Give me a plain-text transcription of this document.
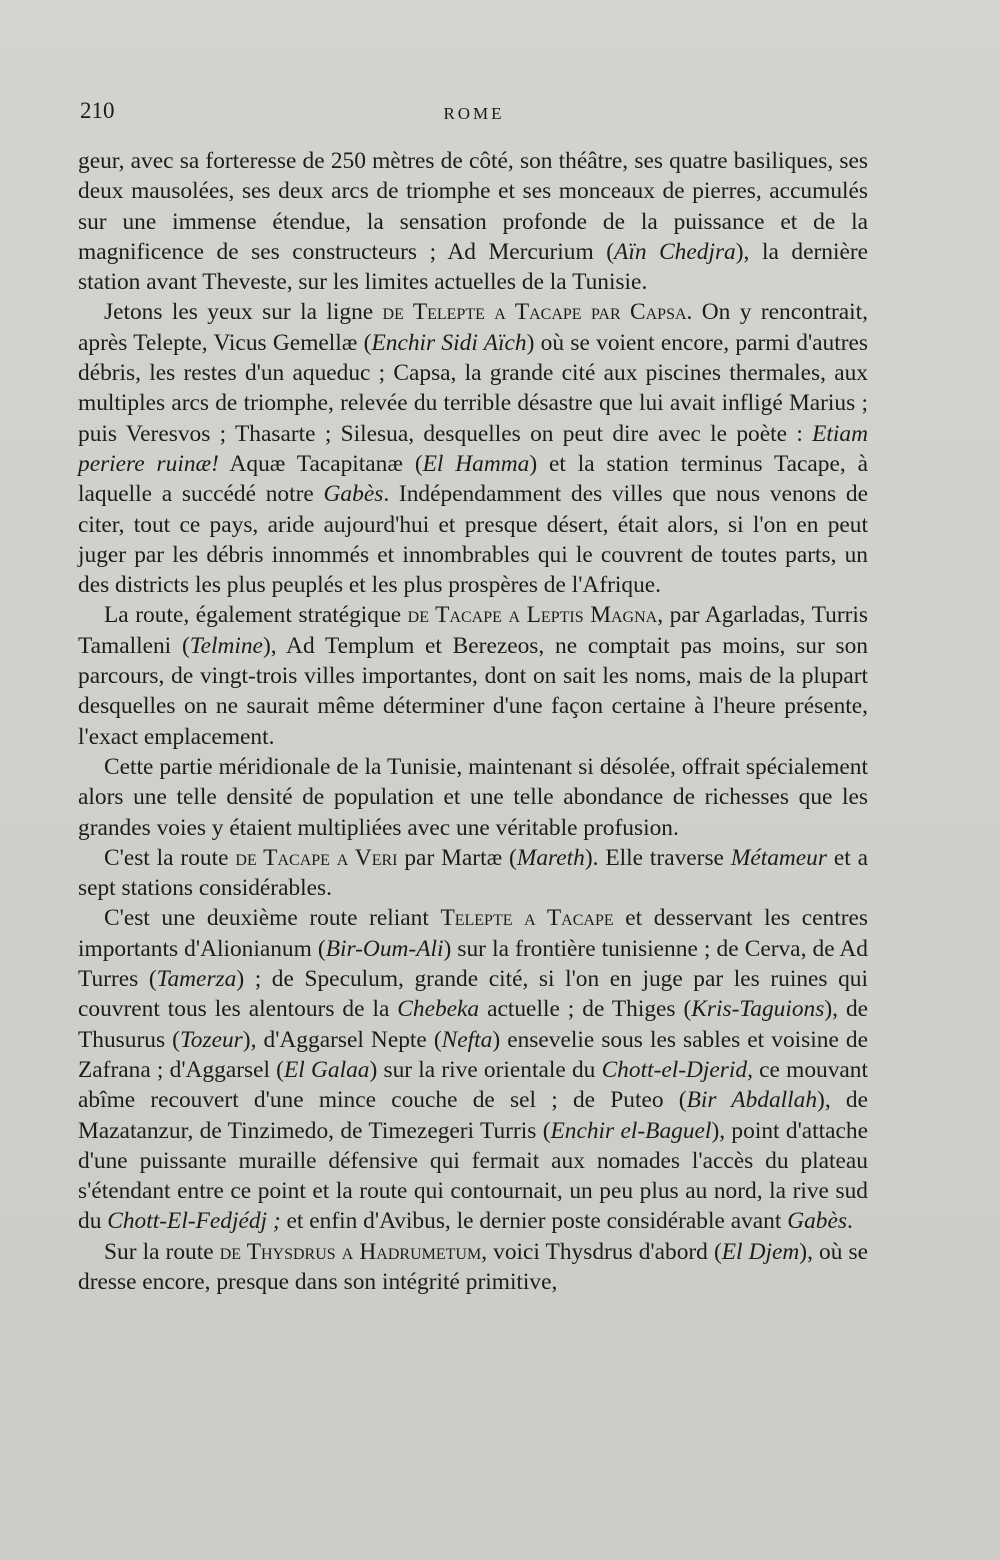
210	ROME

geur, avec sa forteresse de 250 mètres de côté, son théâtre, ses quatre basiliques, ses deux mausolées, ses deux arcs de triomphe et ses monceaux de pierres, accumulés sur une immense étendue, la sensation profonde de la puissance et de la magnificence de ses constructeurs ; Ad Mercurium (Aïn Chedjra), la dernière station avant Theveste, sur les limites actuelles de la Tunisie.

Jetons les yeux sur la ligne de Telepte a Tacape par Capsa. On y rencontrait, après Telepte, Vicus Gemellæ (Enchir Sidi Aïch) où se voient encore, parmi d'autres débris, les restes d'un aqueduc ; Capsa, la grande cité aux piscines thermales, aux multiples arcs de triomphe, relevée du terrible désastre que lui avait infligé Marius ; puis Veresvos ; Thasarte ; Silesua, desquelles on peut dire avec le poète : Etiam periere ruinæ! Aquæ Tacapitanæ (El Hamma) et la station terminus Tacape, à laquelle a succédé notre Gabès. Indépendamment des villes que nous venons de citer, tout ce pays, aride aujourd'hui et presque désert, était alors, si l'on en peut juger par les débris innommés et innombrables qui le couvrent de toutes parts, un des districts les plus peuplés et les plus prospères de l'Afrique.

La route, également stratégique de Tacape a Leptis Magna, par Agarladas, Turris Tamalleni (Telmine), Ad Templum et Berezeos, ne comptait pas moins, sur son parcours, de vingt-trois villes importantes, dont on sait les noms, mais de la plupart desquelles on ne saurait même déterminer d'une façon certaine à l'heure présente, l'exact emplacement.

Cette partie méridionale de la Tunisie, maintenant si désolée, offrait spécialement alors une telle densité de population et une telle abondance de richesses que les grandes voies y étaient multipliées avec une véritable profusion.

C'est la route de Tacape a Veri par Martæ (Mareth). Elle traverse Métameur et a sept stations considérables.

C'est une deuxième route reliant Telepte a Tacape et desservant les centres importants d'Alionianum (Bir-Oum-Ali) sur la frontière tunisienne ; de Cerva, de Ad Turres (Tamerza) ; de Speculum, grande cité, si l'on en juge par les ruines qui couvrent tous les alentours de la Chebeka actuelle ; de Thiges (Kris-Taguions), de Thusurus (Tozeur), d'Aggarsel Nepte (Nefta) ensevelie sous les sables et voisine de Zafrana ; d'Aggarsel (El Galaa) sur la rive orientale du Chott-el-Djerid, ce mouvant abîme recouvert d'une mince couche de sel ; de Puteo (Bir Abdallah), de Mazatanzur, de Tinzimedo, de Timezegeri Turris (Enchir el-Baguel), point d'attache d'une puissante muraille défensive qui fermait aux nomades l'accès du plateau s'étendant entre ce point et la route qui contournait, un peu plus au nord, la rive sud du Chott-El-Fedjédj ; et enfin d'Avibus, le dernier poste considérable avant Gabès.

Sur la route de Thysdrus a Hadrumetum, voici Thysdrus d'abord (El Djem), où se dresse encore, presque dans son intégrité primitive,
